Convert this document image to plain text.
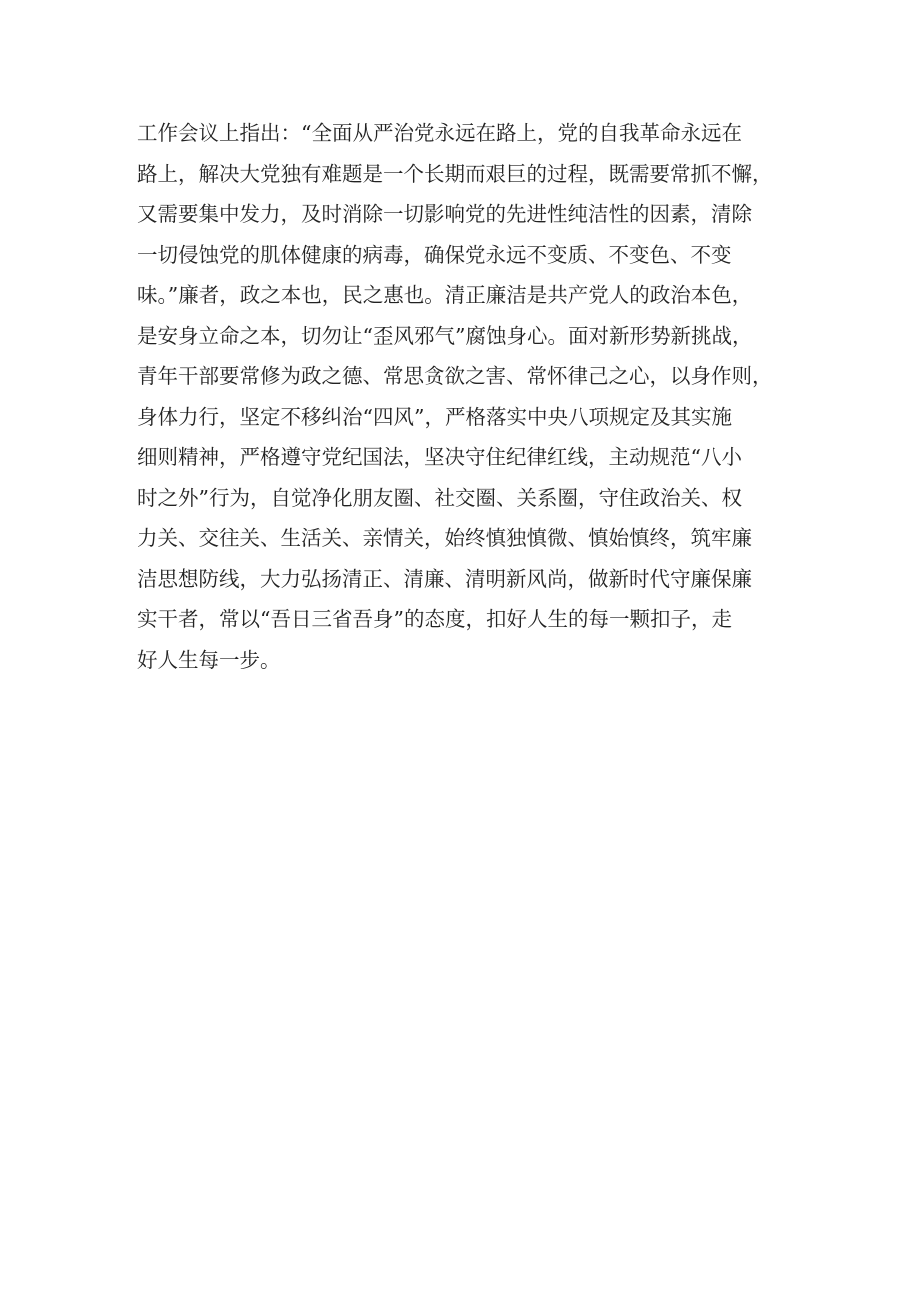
工作会议上指出：“全面从严治党永远在路上，党的自我革命永远在
路上，解决大党独有难题是一个长期而艰巨的过程，既需要常抓不懈，
又需要集中发力，及时消除一切影响党的先进性纯洁性的因素，清除
一切侵蚀党的肌体健康的病毒，确保党永远不变质、不变色、不变
味。”廉者，政之本也，民之惠也。清正廉洁是共产党人的政治本色，
是安身立命之本，切勿让“歪风邪气”腐蚀身心。面对新形势新挑战，
青年干部要常修为政之德、常思贪欲之害、常怀律己之心，以身作则，
身体力行，坚定不移纠治“四风”，严格落实中央八项规定及其实施
细则精神，严格遵守党纪国法，坚决守住纪律红线，主动规范“八小
时之外”行为，自觉净化朋友圈、社交圈、关系圈，守住政治关、权
力关、交往关、生活关、亲情关，始终慎独慎微、慎始慎终，筑牢廉
洁思想防线，大力弘扬清正、清廉、清明新风尚，做新时代守廉保廉
实干者，常以“吾日三省吾身”的态度，扣好人生的每一颗扣子，走
好人生每一步。
